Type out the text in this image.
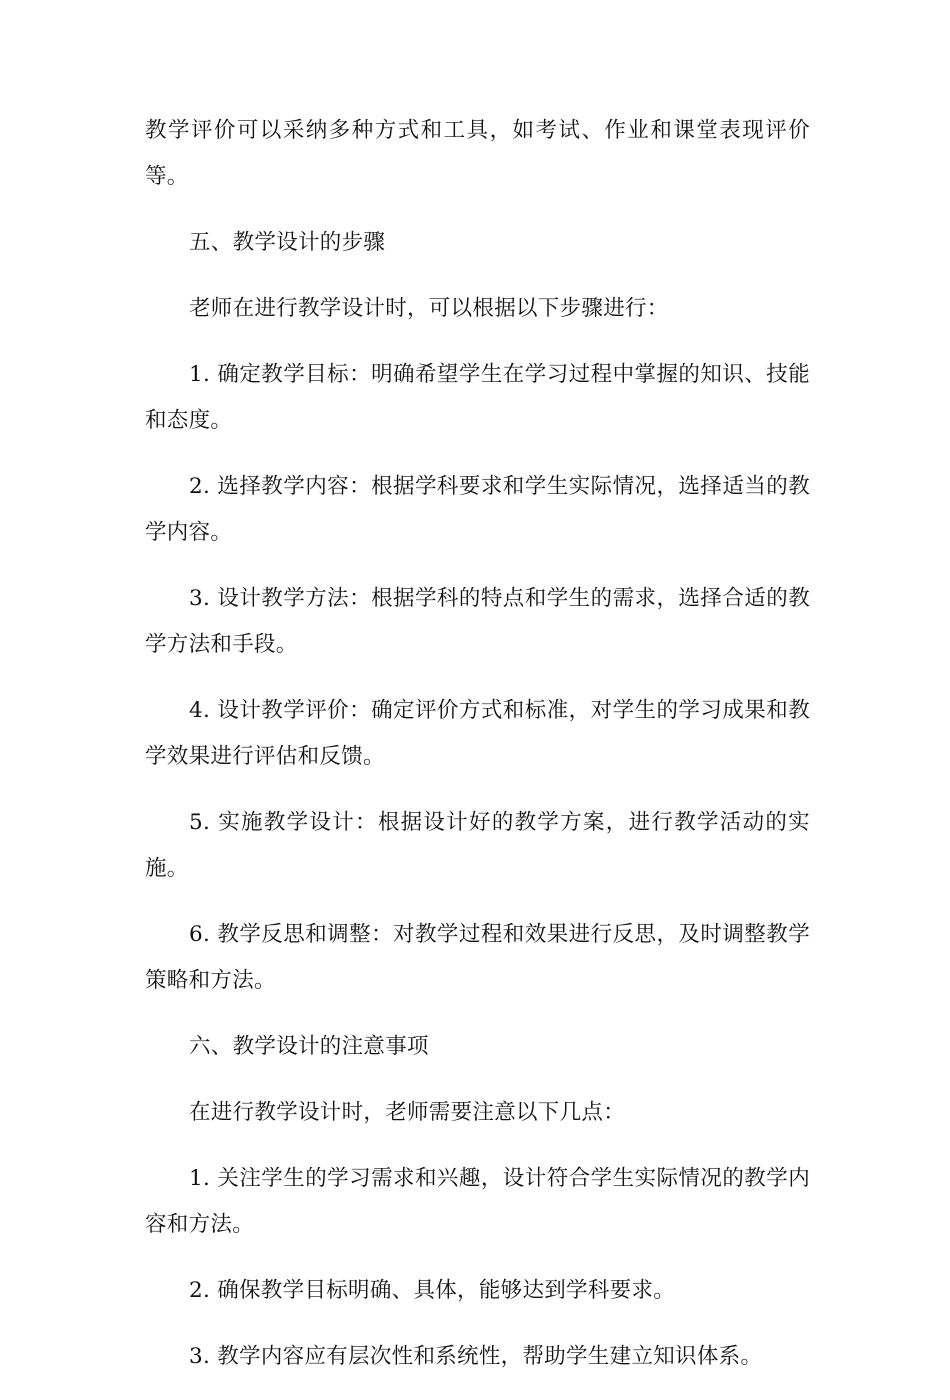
教学评价可以采纳多种方式和工具，如考试、作业和课堂表现评价等。

五、教学设计的步骤

老师在进行教学设计时，可以根据以下步骤进行：

1. 确定教学目标：明确希望学生在学习过程中掌握的知识、技能和态度。

2. 选择教学内容：根据学科要求和学生实际情况，选择适当的教学内容。

3. 设计教学方法：根据学科的特点和学生的需求，选择合适的教学方法和手段。

4. 设计教学评价：确定评价方式和标准，对学生的学习成果和教学效果进行评估和反馈。

5. 实施教学设计：根据设计好的教学方案，进行教学活动的实施。

6. 教学反思和调整：对教学过程和效果进行反思，及时调整教学策略和方法。

六、教学设计的注意事项

在进行教学设计时，老师需要注意以下几点：

1. 关注学生的学习需求和兴趣，设计符合学生实际情况的教学内容和方法。

2. 确保教学目标明确、具体，能够达到学科要求。

3. 教学内容应有层次性和系统性，帮助学生建立知识体系。
